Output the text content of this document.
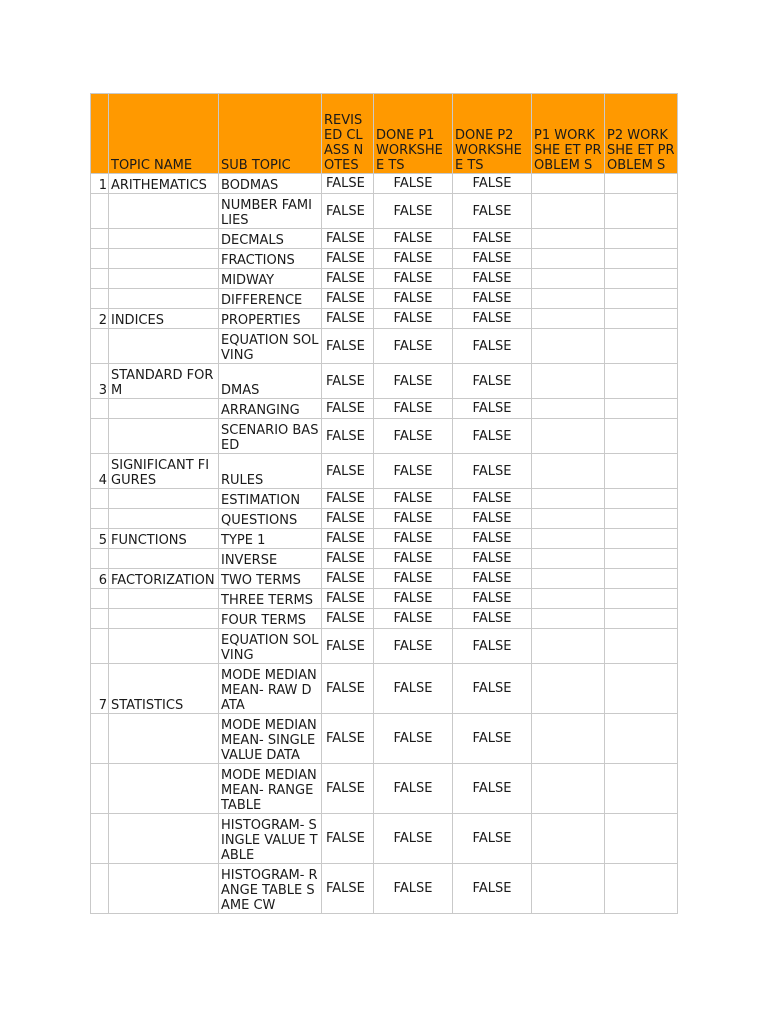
	TOPIC NAME	SUB TOPIC	REVIS ED CLASS NOTES	DONE P1 WORKSHEE TS	DONE P2 WORKSHEE TS	P1 WORKSHE ET PROBLEM S	P2 WORKSHE ET PROBLEM S
1	ARITHEMATICS	BODMAS	FALSE	FALSE	FALSE		
		NUMBER FAMILIES	FALSE	FALSE	FALSE		
		DECMALS	FALSE	FALSE	FALSE		
		FRACTIONS	FALSE	FALSE	FALSE		
		MIDWAY	FALSE	FALSE	FALSE		
		DIFFERENCE	FALSE	FALSE	FALSE		
2	INDICES	PROPERTIES	FALSE	FALSE	FALSE		
		EQUATION SOLVING	FALSE	FALSE	FALSE		
3	STANDARD FORM	DMAS	FALSE	FALSE	FALSE		
		ARRANGING	FALSE	FALSE	FALSE		
		SCENARIO BASED	FALSE	FALSE	FALSE		
4	SIGNIFICANT FIGURES	RULES	FALSE	FALSE	FALSE		
		ESTIMATION	FALSE	FALSE	FALSE		
		QUESTIONS	FALSE	FALSE	FALSE		
5	FUNCTIONS	TYPE 1	FALSE	FALSE	FALSE		
		INVERSE	FALSE	FALSE	FALSE		
6	FACTORIZATION	TWO TERMS	FALSE	FALSE	FALSE		
		THREE TERMS	FALSE	FALSE	FALSE		
		FOUR TERMS	FALSE	FALSE	FALSE		
		EQUATION SOLVING	FALSE	FALSE	FALSE		
7	STATISTICS	MODE MEDIAN MEAN- RAW DATA	FALSE	FALSE	FALSE		
		MODE MEDIAN MEAN- SINGLE VALUE DATA	FALSE	FALSE	FALSE		
		MODE MEDIAN MEAN- RANGE TABLE	FALSE	FALSE	FALSE		
		HISTOGRAM- SINGLE VALUE TABLE	FALSE	FALSE	FALSE		
		HISTOGRAM- RANGE TABLE SAME CW	FALSE	FALSE	FALSE		
